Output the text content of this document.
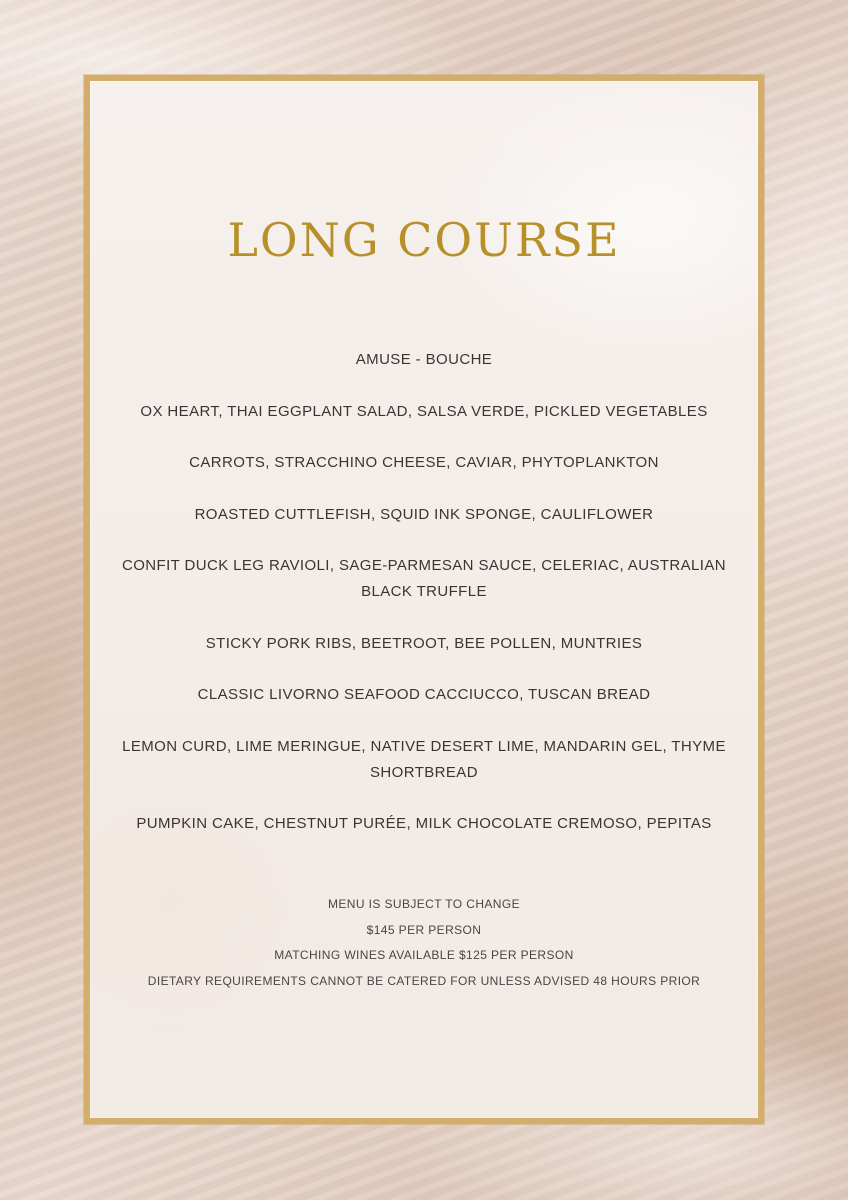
LONG COURSE
AMUSE - BOUCHE
OX HEART, THAI EGGPLANT SALAD, SALSA VERDE, PICKLED VEGETABLES
CARROTS, STRACCHINO CHEESE, CAVIAR, PHYTOPLANKTON
ROASTED CUTTLEFISH, SQUID INK SPONGE, CAULIFLOWER
CONFIT DUCK LEG RAVIOLI, SAGE-PARMESAN SAUCE, CELERIAC, AUSTRALIAN BLACK TRUFFLE
STICKY PORK RIBS, BEETROOT, BEE POLLEN, MUNTRIES
CLASSIC LIVORNO SEAFOOD CACCIUCCO, TUSCAN BREAD
LEMON CURD, LIME MERINGUE, NATIVE DESERT LIME, MANDARIN GEL, THYME SHORTBREAD
PUMPKIN CAKE, CHESTNUT PURÉE, MILK CHOCOLATE CREMOSO, PEPITAS
MENU IS SUBJECT TO CHANGE
$145 PER PERSON
MATCHING WINES AVAILABLE $125 PER PERSON
DIETARY REQUIREMENTS CANNOT BE CATERED FOR UNLESS ADVISED 48 HOURS PRIOR
